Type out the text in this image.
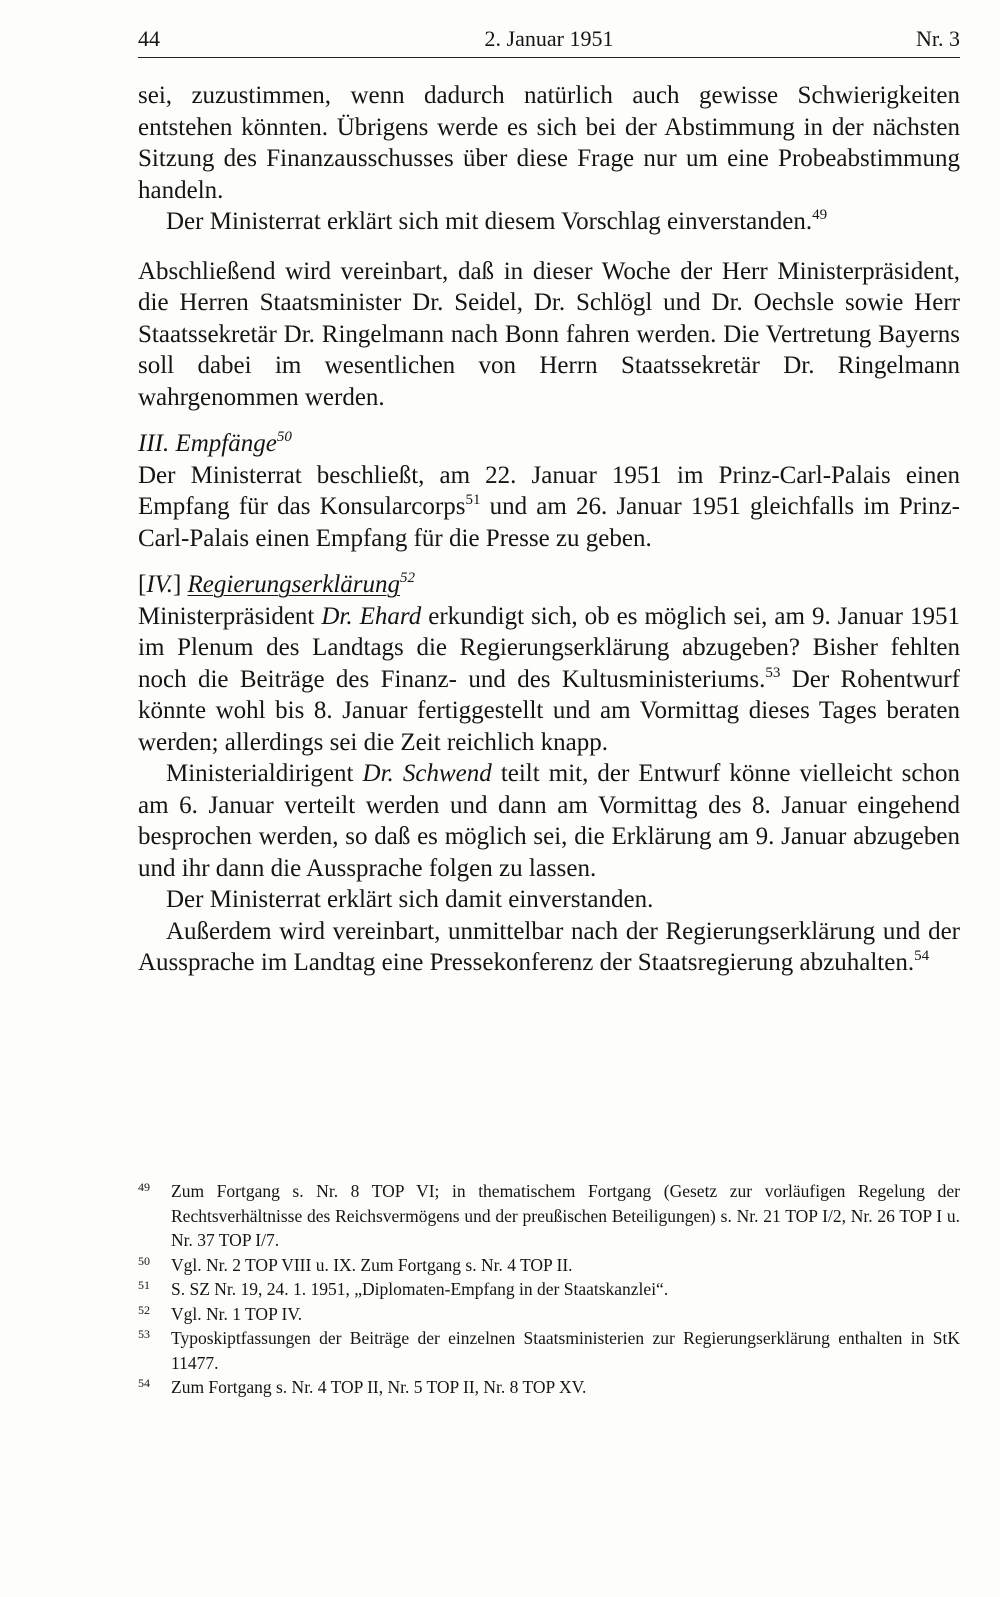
44	2. Januar 1951	Nr. 3

sei, zuzustimmen, wenn dadurch natürlich auch gewisse Schwierigkeiten entstehen könnten. Übrigens werde es sich bei der Abstimmung in der nächsten Sitzung des Finanzausschusses über diese Frage nur um eine Probeabstimmung handeln.

Der Ministerrat erklärt sich mit diesem Vorschlag einverstanden.$^{49}$

Abschließend wird vereinbart, daß in dieser Woche der Herr Ministerpräsident, die Herren Staatsminister Dr. Seidel, Dr. Schlögl und Dr. Oechsle sowie Herr Staatssekretär Dr. Ringelmann nach Bonn fahren werden. Die Vertretung Bayerns soll dabei im wesentlichen von Herrn Staatssekretär Dr. Ringelmann wahrgenommen werden.

III. Empfänge$^{50}$

Der Ministerrat beschließt, am 22. Januar 1951 im Prinz-Carl-Palais einen Empfang für das Konsularcorps$^{51}$ und am 26. Januar 1951 gleichfalls im Prinz-Carl-Palais einen Empfang für die Presse zu geben.

[IV.] Regierungserklärung$^{52}$

Ministerpräsident Dr. Ehard erkundigt sich, ob es möglich sei, am 9. Januar 1951 im Plenum des Landtags die Regierungserklärung abzugeben? Bisher fehlten noch die Beiträge des Finanz- und des Kultusministeriums.$^{53}$ Der Rohentwurf könnte wohl bis 8. Januar fertiggestellt und am Vormittag dieses Tages beraten werden; allerdings sei die Zeit reichlich knapp.

Ministerialdirigent Dr. Schwend teilt mit, der Entwurf könne vielleicht schon am 6. Januar verteilt werden und dann am Vormittag des 8. Januar eingehend besprochen werden, so daß es möglich sei, die Erklärung am 9. Januar abzugeben und ihr dann die Aussprache folgen zu lassen.

Der Ministerrat erklärt sich damit einverstanden.

Außerdem wird vereinbart, unmittelbar nach der Regierungserklärung und der Aussprache im Landtag eine Pressekonferenz der Staatsregierung abzuhalten.$^{54}$

49 Zum Fortgang s. Nr. 8 TOP VI; in thematischem Fortgang (Gesetz zur vorläufigen Regelung der Rechtsverhältnisse des Reichsvermögens und der preußischen Beteiligungen) s. Nr. 21 TOP I/2, Nr. 26 TOP I u. Nr. 37 TOP I/7.
50 Vgl. Nr. 2 TOP VIII u. IX. Zum Fortgang s. Nr. 4 TOP II.
51 S. SZ Nr. 19, 24. 1. 1951, „Diplomaten-Empfang in der Staatskanzlei“.
52 Vgl. Nr. 1 TOP IV.
53 Typoskiptfassungen der Beiträge der einzelnen Staatsministerien zur Regierungserklärung enthalten in StK 11477.
54 Zum Fortgang s. Nr. 4 TOP II, Nr. 5 TOP II, Nr. 8 TOP XV.
